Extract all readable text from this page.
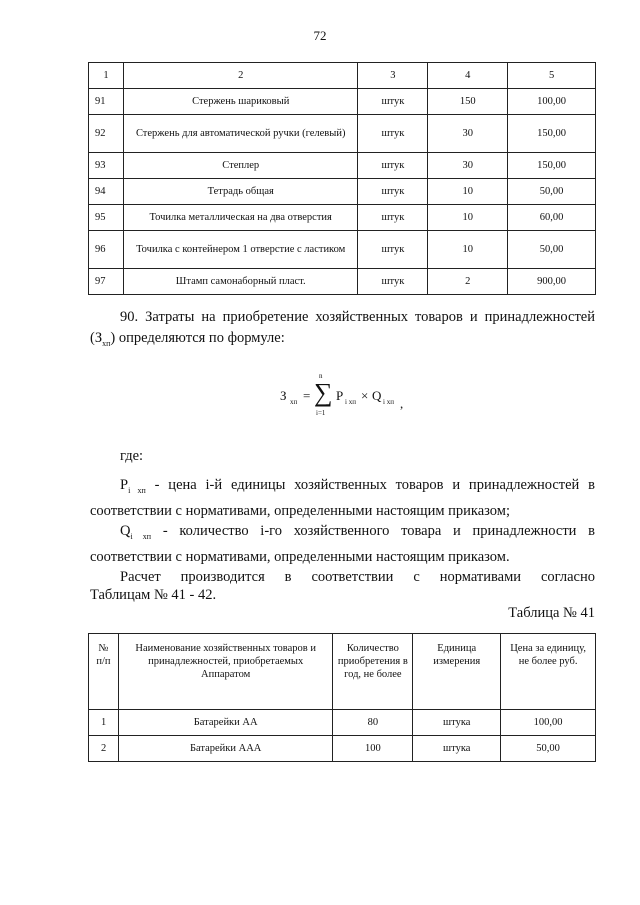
72
1	2	3	4	5
91	Стержень шариковый	штук	150	100,00
92	Стержень для автоматической ручки (гелевый)	штук	30	150,00
93	Степлер	штук	30	150,00
94	Тетрадь общая	штук	10	50,00
95	Точилка металлическая на два отверстия	штук	10	60,00
96	Точилка с контейнером 1 отверстие с ластиком	штук	10	50,00
97	Штамп самонаборный пласт.	штук	2	900,00
90. Затраты на приобретение хозяйственных товаров и принадлежностей
$(З_{хп})$ определяются по формуле:
З хп =
n
∑
i=1
P i хп × Q i хп ,
где:
$P_{i хп}$ - цена i-й единицы хозяйственных товаров и принадлежностей в соответствии с нормативами, определенными настоящим приказом;
$Q_{i хп}$ - количество i-го хозяйственного товара и принадлежности в соответствии с нормативами, определенными настоящим приказом.
Расчет производится в соответствии с нормативами согласно
Таблицам № 41 - 42.
Таблица № 41
№ п/п	Наименование хозяйственных товаров и принадлежностей, приобретаемых Аппаратом	Количество приобретения в год, не более	Единица измерения	Цена за единицу, не более руб.
1	Батарейки АА	80	штука	100,00
2	Батарейки ААА	100	штука	50,00
